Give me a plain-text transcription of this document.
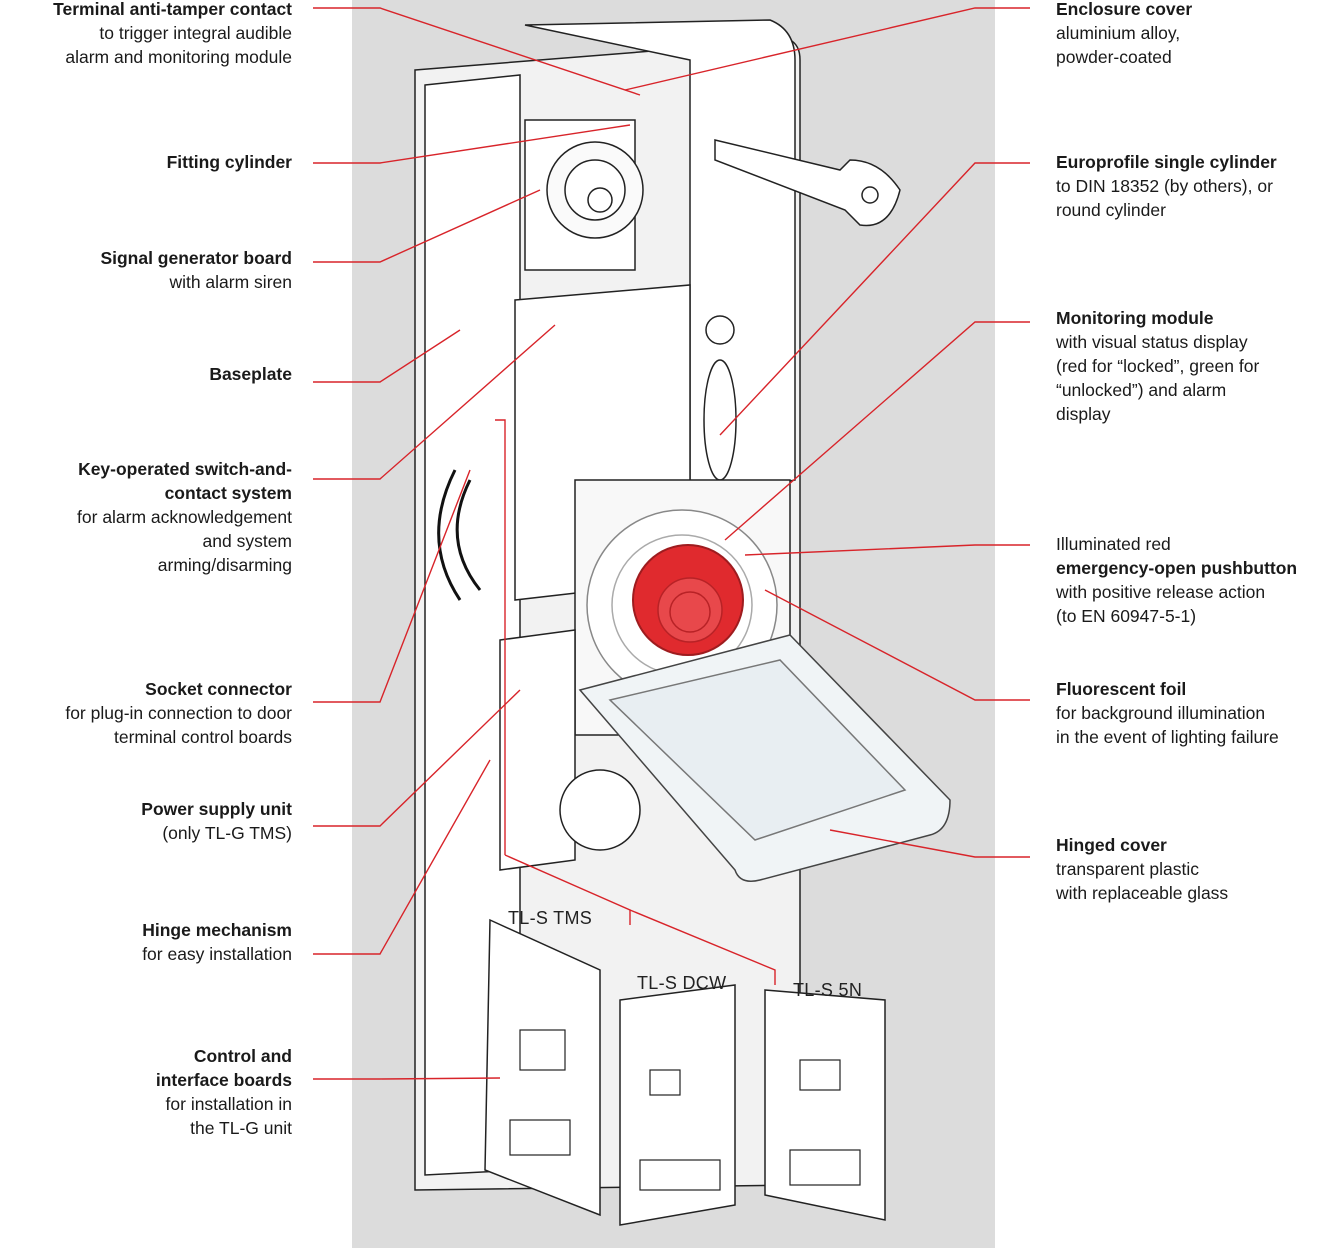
Terminal anti-tamper contact
to trigger integral audible
alarm and monitoring module
Fitting cylinder
Signal generator board
with alarm siren
Baseplate
Key-operated switch-and-
contact system
for alarm acknowledgement
and system
arming/disarming
Socket connector
for plug-in connection to door
terminal control boards
Power supply unit
(only TL-G TMS)
Hinge mechanism
for easy installation
Control and
interface boards
for installation in
the TL-G unit
Enclosure cover
aluminium alloy,
powder-coated
Europrofile single cylinder
to DIN 18352 (by others), or
round cylinder
Monitoring module
with visual status display
(red for “locked”, green for
“unlocked”) and alarm
display
Illuminated red
emergency-open pushbutton
with positive release action
(to EN 60947-5-1)
Fluorescent foil
for background illumination
in the event of lighting failure
Hinged cover
transparent plastic
with replaceable glass
TL-S TMS
TL-S DCW	TL-S 5N
